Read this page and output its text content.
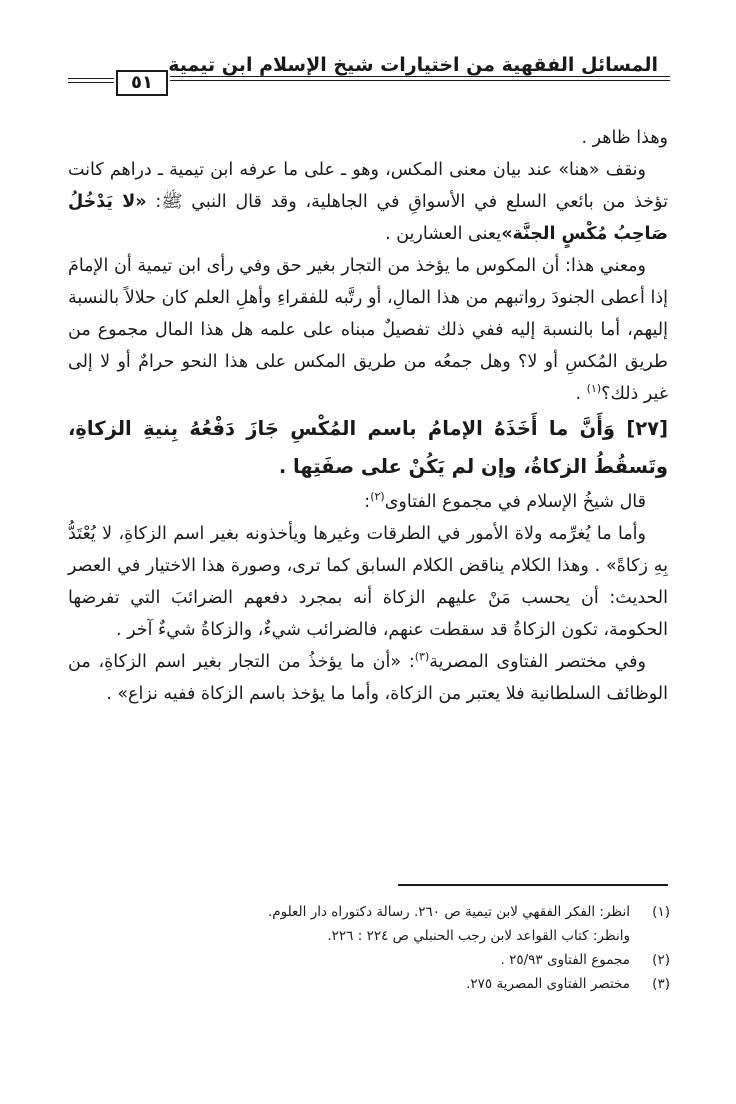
المسائل الفقهية من اختيارات شيخ الإسلام ابن تيمية
٥١

وهذا ظاهر .

ونقف «هنا» عند بيان معنى المكس، وهو ـ على ما عرفه ابن تيمية ـ دراهم كانت تؤخذ من بائعي السلع في الأسواقِ في الجاهلية، وقد قال النبي ﷺ: «لا يَدْخُلُ صَاحِبُ مُكْسٍ الجنَّة»يعنى العشارين .

ومعني هذا: أن المكوس ما يؤخذ من التجار بغير حق وفي رأى ابن تيمية أن الإمامَ إذا أعطى الجنودَ رواتبهم من هذا المالِ، أو رتَّبه للفقراءِ وأهلِ العلم كان حلالاً بالنسبة إليهم، أما بالنسبة إليه ففي ذلك تفصيلٌ مبناه على علمه هل هذا المال مجموع من طريق المُكسِ أو لا؟ وهل جمعُه من طريق المكس على هذا النحو حرامٌ أو لا إلى غير ذلك؟$^{(١)}$ .

[٢٧] وَأَنَّ ما أَخَذَهُ الإمامُ باسم المُكْسِ جَازَ دَفْعُهُ بِنيةِ الزكاةِ، وتَسقُطُ الزكاةُ، وإن لم يَكُنْ على صفَتِها .

قال شيخُ الإسلام في مجموع الفتاوى$^{(٢)}$:

وأما ما يُغرِّمه ولاة الأمور في الطرقات وغيرها ويأخذونه بغير اسم الزكاةِ، لا يُعْتَدُّ بِهِ زكاةً» . وهذا الكلام يناقض الكلام السابق كما ترى، وصورة هذا الاختيار في العصر الحديث: أن يحسب مَنْ عليهم الزكاة أنه بمجرد دفعهم الضرائبَ التي تفرضها الحكومة، تكون الزكاةُ قد سقطت عنهم، فالضرائب شيءٌ، والزكاةُ شيءٌ آخر .

وفي مختصر الفتاوى المصرية$^{(٣)}$: «أن ما يؤخذُ من التجار بغير اسم الزكاةِ، من الوظائف السلطانية فلا يعتبر من الزكاة، وأما ما يؤخذ باسم الزكاة ففيه نزاع» .

(١)
انظر: الفكر الفقهي لابن تيمية ص ٢٦٠. رسالة دكتوراه دار العلوم.
وانظر: كتاب القواعد لابن رجب الحنبلي ص ٢٢٤ : ٢٢٦.
(٢)
مجموع الفتاوى ٢٥/٩٣ .
(٣)
مختصر الفتاوى المصرية ٢٧٥.
